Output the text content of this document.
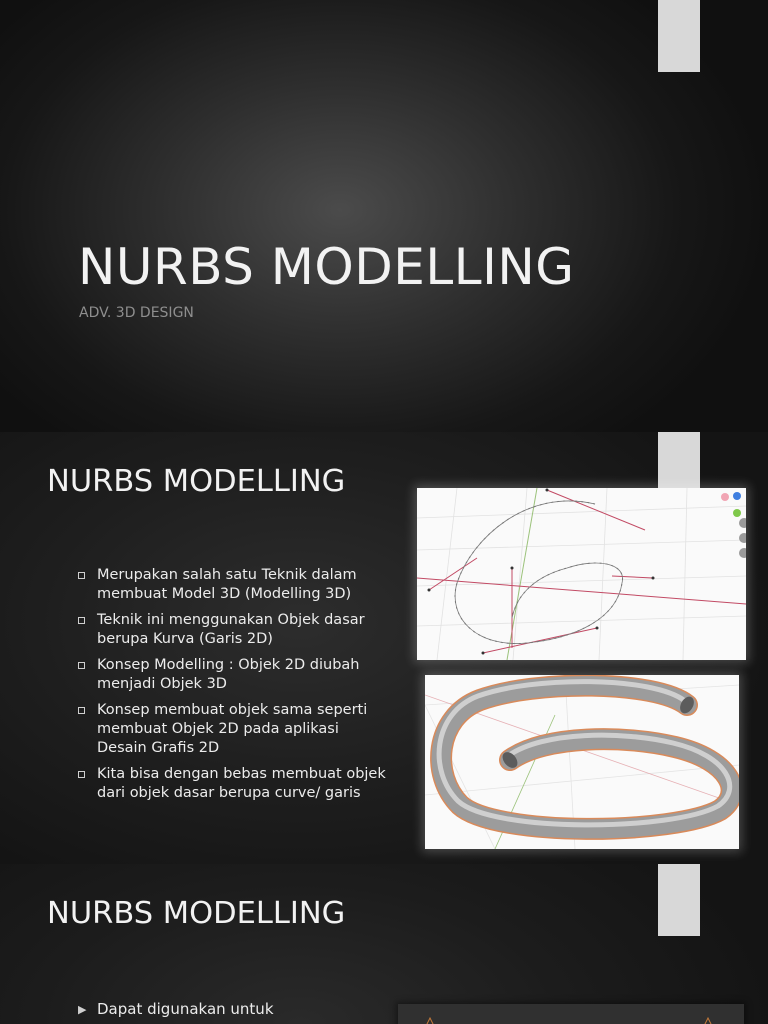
NURBS MODELLING

ADV. 3D DESIGN

NURBS MODELLING
Merupakan salah satu Teknik dalam membuat Model 3D (Modelling 3D)
Teknik ini menggunakan Objek dasar berupa Kurva (Garis 2D)
Konsep Modelling : Objek 2D diubah menjadi Objek 3D
Konsep membuat objek sama seperti membuat Objek 2D pada aplikasi Desain Grafis 2D
Kita bisa dengan bebas membuat objek dari objek dasar berupa curve/ garis
NURBS MODELLING
▶ Dapat digunakan untuk
